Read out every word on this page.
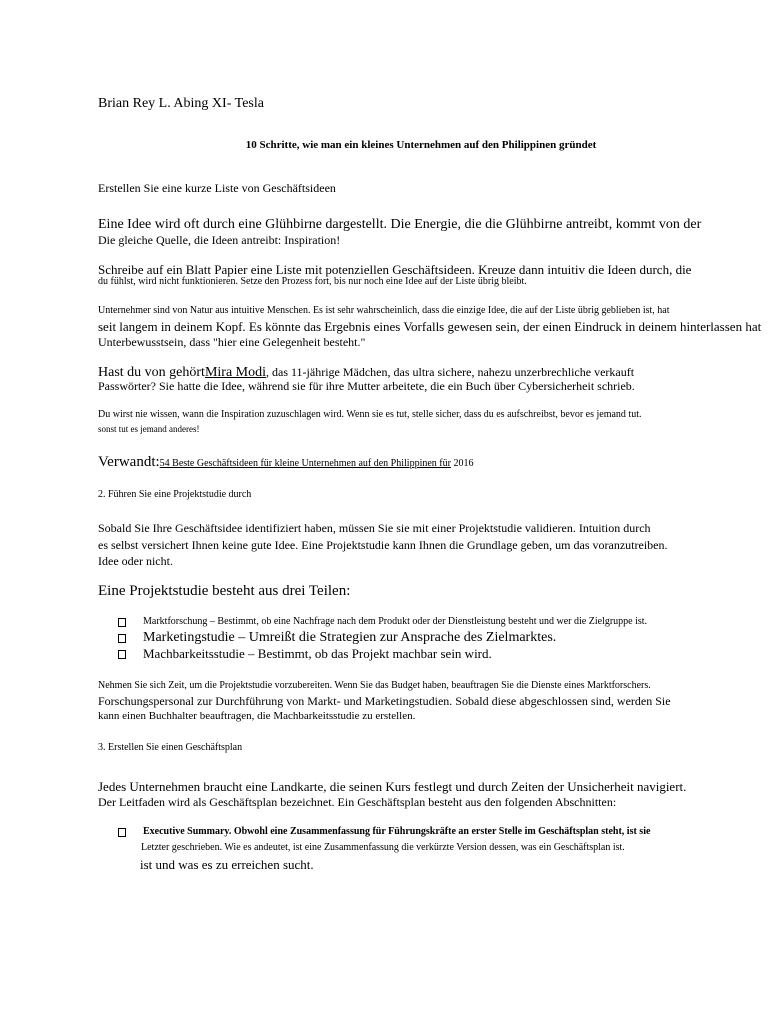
Brian Rey L. Abing XI- Tesla
10 Schritte, wie man ein kleines Unternehmen auf den Philippinen gründet
Erstellen Sie eine kurze Liste von Geschäftsideen
Eine Idee wird oft durch eine Glühbirne dargestellt. Die Energie, die die Glühbirne antreibt, kommt von der
Die gleiche Quelle, die Ideen antreibt: Inspiration!
Schreibe auf ein Blatt Papier eine Liste mit potenziellen Geschäftsideen. Kreuze dann intuitiv die Ideen durch, die
du fühlst, wird nicht funktionieren. Setze den Prozess fort, bis nur noch eine Idee auf der Liste übrig bleibt.
Unternehmer sind von Natur aus intuitive Menschen. Es ist sehr wahrscheinlich, dass die einzige Idee, die auf der Liste übrig geblieben ist, hat
seit langem in deinem Kopf. Es könnte das Ergebnis eines Vorfalls gewesen sein, der einen Eindruck in deinem hinterlassen hat
Unterbewusstsein, dass "hier eine Gelegenheit besteht."
Hast du von gehörtMira Modi, das 11-jährige Mädchen, das ultra sichere, nahezu unzerbrechliche verkauft
Passwörter? Sie hatte die Idee, während sie für ihre Mutter arbeitete, die ein Buch über Cybersicherheit schrieb.
Du wirst nie wissen, wann die Inspiration zuzuschlagen wird. Wenn sie es tut, stelle sicher, dass du es aufschreibst, bevor es jemand tut.
sonst tut es jemand anderes!
Verwandt:54 Beste Geschäftsideen für kleine Unternehmen auf den Philippinen für 2016
2. Führen Sie eine Projektstudie durch
Sobald Sie Ihre Geschäftsidee identifiziert haben, müssen Sie sie mit einer Projektstudie validieren. Intuition durch
es selbst versichert Ihnen keine gute Idee. Eine Projektstudie kann Ihnen die Grundlage geben, um das voranzutreiben.
Idee oder nicht.
Eine Projektstudie besteht aus drei Teilen:
Marktforschung – Bestimmt, ob eine Nachfrage nach dem Produkt oder der Dienstleistung besteht und wer die Zielgruppe ist.
Marketingstudie – Umreißt die Strategien zur Ansprache des Zielmarktes.
Machbarkeitsstudie – Bestimmt, ob das Projekt machbar sein wird.
Nehmen Sie sich Zeit, um die Projektstudie vorzubereiten. Wenn Sie das Budget haben, beauftragen Sie die Dienste eines Marktforschers.
Forschungspersonal zur Durchführung von Markt- und Marketingstudien. Sobald diese abgeschlossen sind, werden Sie
kann einen Buchhalter beauftragen, die Machbarkeitsstudie zu erstellen.
3. Erstellen Sie einen Geschäftsplan
Jedes Unternehmen braucht eine Landkarte, die seinen Kurs festlegt und durch Zeiten der Unsicherheit navigiert.
Der Leitfaden wird als Geschäftsplan bezeichnet. Ein Geschäftsplan besteht aus den folgenden Abschnitten:
Executive Summary. Obwohl eine Zusammenfassung für Führungskräfte an erster Stelle im Geschäftsplan steht, ist sie
Letzter geschrieben. Wie es andeutet, ist eine Zusammenfassung die verkürzte Version dessen, was ein Geschäftsplan ist.
ist und was es zu erreichen sucht.
